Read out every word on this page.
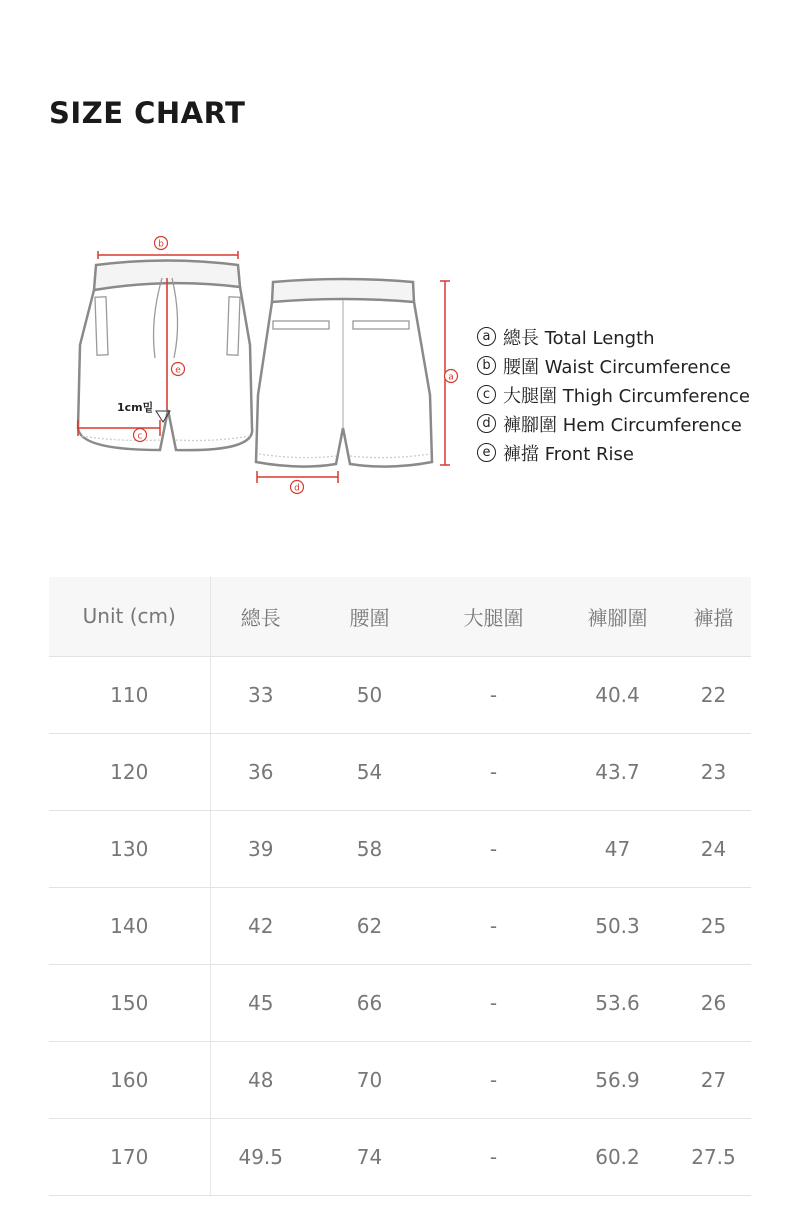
SIZE CHART
1cm밑
b
e
c
d
a
a 總長 Total Length
b 腰圍 Waist Circumference
c 大腿圍 Thigh Circumference
d 褲腳圍 Hem Circumference
e 褲擋 Front Rise
Unit (cm)	總長	腰圍	大腿圍	褲腳圍	褲擋
110	33	50	-	40.4	22
120	36	54	-	43.7	23
130	39	58	-	47	24
140	42	62	-	50.3	25
150	45	66	-	53.6	26
160	48	70	-	56.9	27
170	49.5	74	-	60.2	27.5
